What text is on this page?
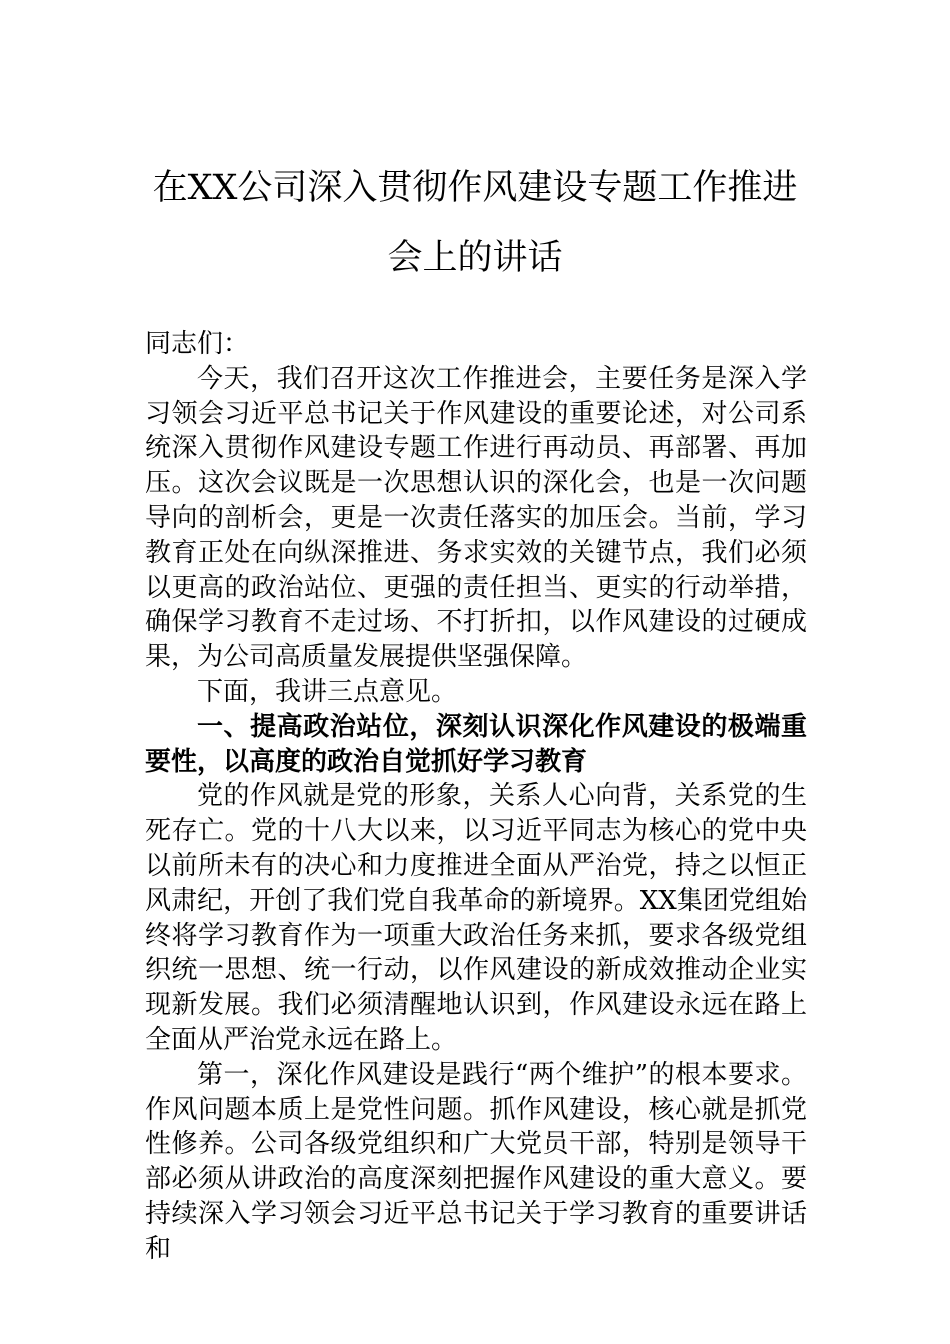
在XX公司深入贯彻作风建设专题工作推进
会上的讲话

同志们：

今天，我们召开这次工作推进会，主要任务是深入学习领会习近平总书记关于作风建设的重要论述，对公司系统深入贯彻作风建设专题工作进行再动员、再部署、再加压。这次会议既是一次思想认识的深化会，也是一次问题导向的剖析会，更是一次责任落实的加压会。当前，学习教育正处在向纵深推进、务求实效的关键节点，我们必须以更高的政治站位、更强的责任担当、更实的行动举措，确保学习教育不走过场、不打折扣，以作风建设的过硬成果，为公司高质量发展提供坚强保障。

下面，我讲三点意见。

一、提高政治站位，深刻认识深化作风建设的极端重要性，以高度的政治自觉抓好学习教育

党的作风就是党的形象，关系人心向背，关系党的生死存亡。党的十八大以来，以习近平同志为核心的党中央以前所未有的决心和力度推进全面从严治党，持之以恒正风肃纪，开创了我们党自我革命的新境界。XX集团党组始终将学习教育作为一项重大政治任务来抓，要求各级党组织统一思想、统一行动，以作风建设的新成效推动企业实现新发展。我们必须清醒地认识到，作风建设永远在路上全面从严治党永远在路上。

第一，深化作风建设是践行“两个维护”的根本要求。作风问题本质上是党性问题。抓作风建设，核心就是抓党性修养。公司各级党组织和广大党员干部，特别是领导干部必须从讲政治的高度深刻把握作风建设的重大意义。要持续深入学习领会习近平总书记关于学习教育的重要讲话和
